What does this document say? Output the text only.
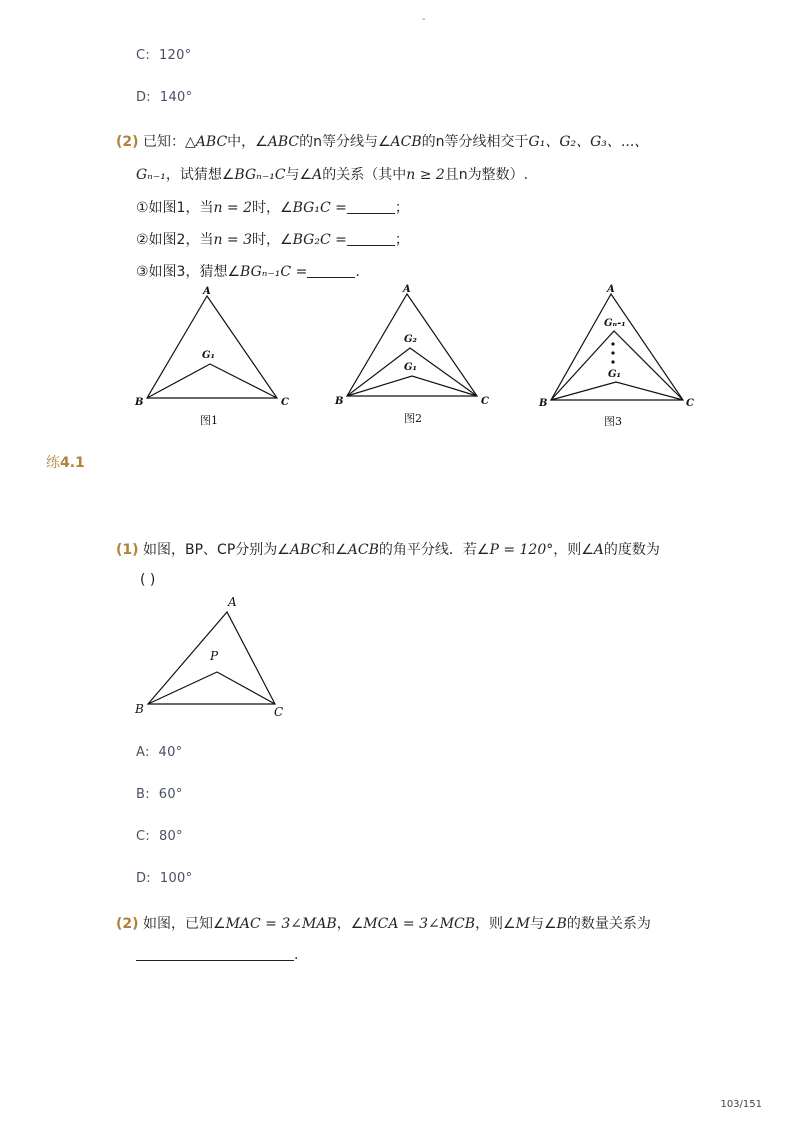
-
C: 120°
D: 140°
(2) 已知：△ABC中，∠ABC的n等分线与∠ACB的n等分线相交于G₁、G₂、G₃、...、
Gₙ₋₁，试猜想∠BGₙ₋₁C与∠A的关系（其中n ≥ 2且n为整数）.
①如图1，当n = 2时，∠BG₁C =	；
②如图2，当n = 3时，∠BG₂C =	；
③如图3，猜想∠BGₙ₋₁C =	.
A
B	C
G₁
图1
A
B	C
G₂
G₁
图2
A
B	C
Gₙ-₁
G₁
图3
练4.1
(1) 如图，BP、CP分别为∠ABC和∠ACB的角平分线．若∠P = 120°，则∠A的度数为
( )
A
B	C
P
A: 40°
B: 60°
C: 80°
D: 100°
(2) 如图，已知∠MAC = 3∠MAB，∠MCA = 3∠MCB，则∠M与∠B的数量关系为
.
103/151
